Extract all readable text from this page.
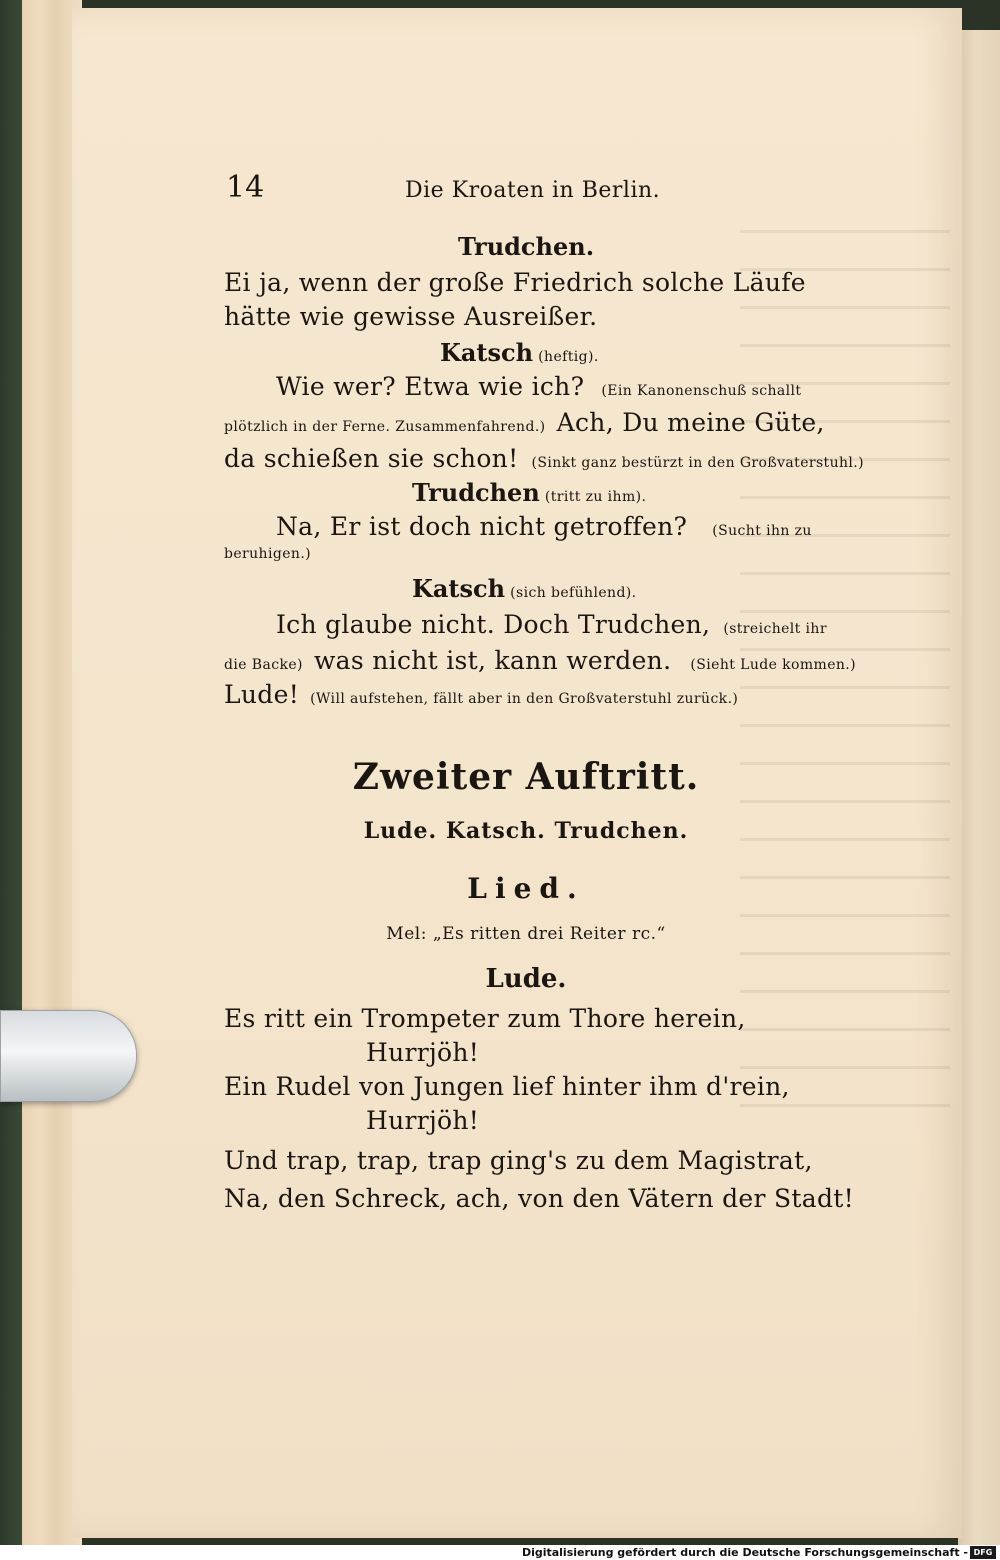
14	Die Kroaten in Berlin.
Trudchen.
Ei ja, wenn der große Friedrich solche Läufe
hätte wie gewisse Ausreißer.
Katsch (heftig).
Wie wer? Etwa wie ich? (Ein Kanonenschuß schallt
plötzlich in der Ferne. Zusammenfahrend.) Ach, Du meine Güte,
da schießen sie schon! (Sinkt ganz bestürzt in den Großvaterstuhl.)
Trudchen (tritt zu ihm).
Na, Er ist doch nicht getroffen? (Sucht ihn zu
beruhigen.)
Katsch (sich befühlend).
Ich glaube nicht. Doch Trudchen, (streichelt ihr
die Backe) was nicht ist, kann werden. (Sieht Lude kommen.)
Lude! (Will aufstehen, fällt aber in den Großvaterstuhl zurück.)
Zweiter Auftritt.
Lude. Katsch. Trudchen.
Lied.
Mel: „Es ritten drei Reiter rc.“
Lude.
Es ritt ein Trompeter zum Thore herein,
Hurrjöh!
Ein Rudel von Jungen lief hinter ihm d'rein,
Hurrjöh!
Und trap, trap, trap ging's zu dem Magistrat,
Na, den Schreck, ach, von den Vätern der Stadt!
Digitalisierung gefördert durch die Deutsche Forschungsgemeinschaft - DFG
